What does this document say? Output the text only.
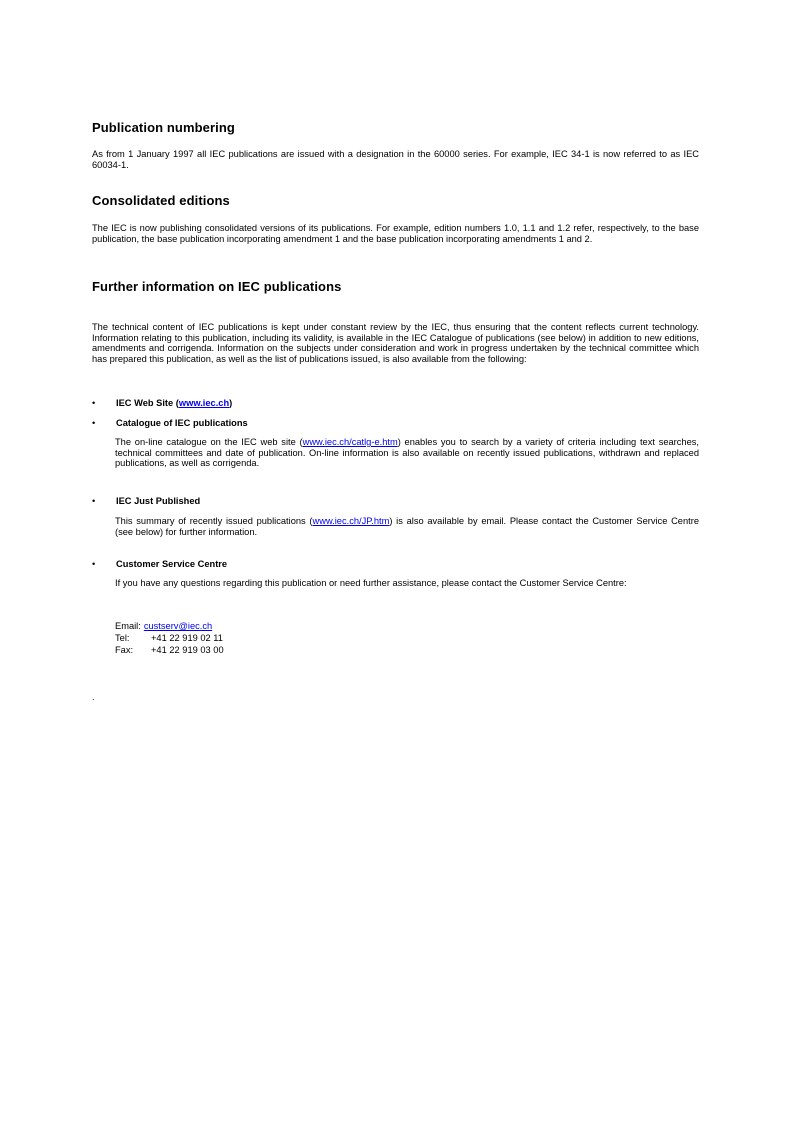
Publication numbering

As from 1 January 1997 all IEC publications are issued with a designation in the 60000 series. For example, IEC 34-1 is now referred to as IEC 60034-1.

Consolidated editions

The IEC is now publishing consolidated versions of its publications. For example, edition numbers 1.0, 1.1 and 1.2 refer, respectively, to the base publication, the base publication incorporating amendment 1 and the base publication incorporating amendments 1 and 2.

Further information on IEC publications

The technical content of IEC publications is kept under constant review by the IEC, thus ensuring that the content reflects current technology. Information relating to this publication, including its validity, is available in the IEC Catalogue of publications (see below) in addition to new editions, amendments and corrigenda. Information on the subjects under consideration and work in progress undertaken by the technical committee which has prepared this publication, as well as the list of publications issued, is also available from the following:

• IEC Web Site (www.iec.ch)
• Catalogue of IEC publications

The on-line catalogue on the IEC web site (www.iec.ch/catlg-e.htm) enables you to search by a variety of criteria including text searches, technical committees and date of publication. On-line information is also available on recently issued publications, withdrawn and replaced publications, as well as corrigenda.

• IEC Just Published

This summary of recently issued publications (www.iec.ch/JP.htm) is also available by email. Please contact the Customer Service Centre (see below) for further information.

• Customer Service Centre

If you have any questions regarding this publication or need further assistance, please contact the Customer Service Centre:

Email: custserv@iec.ch
Tel: +41 22 919 02 11
Fax: +41 22 919 03 00
.
